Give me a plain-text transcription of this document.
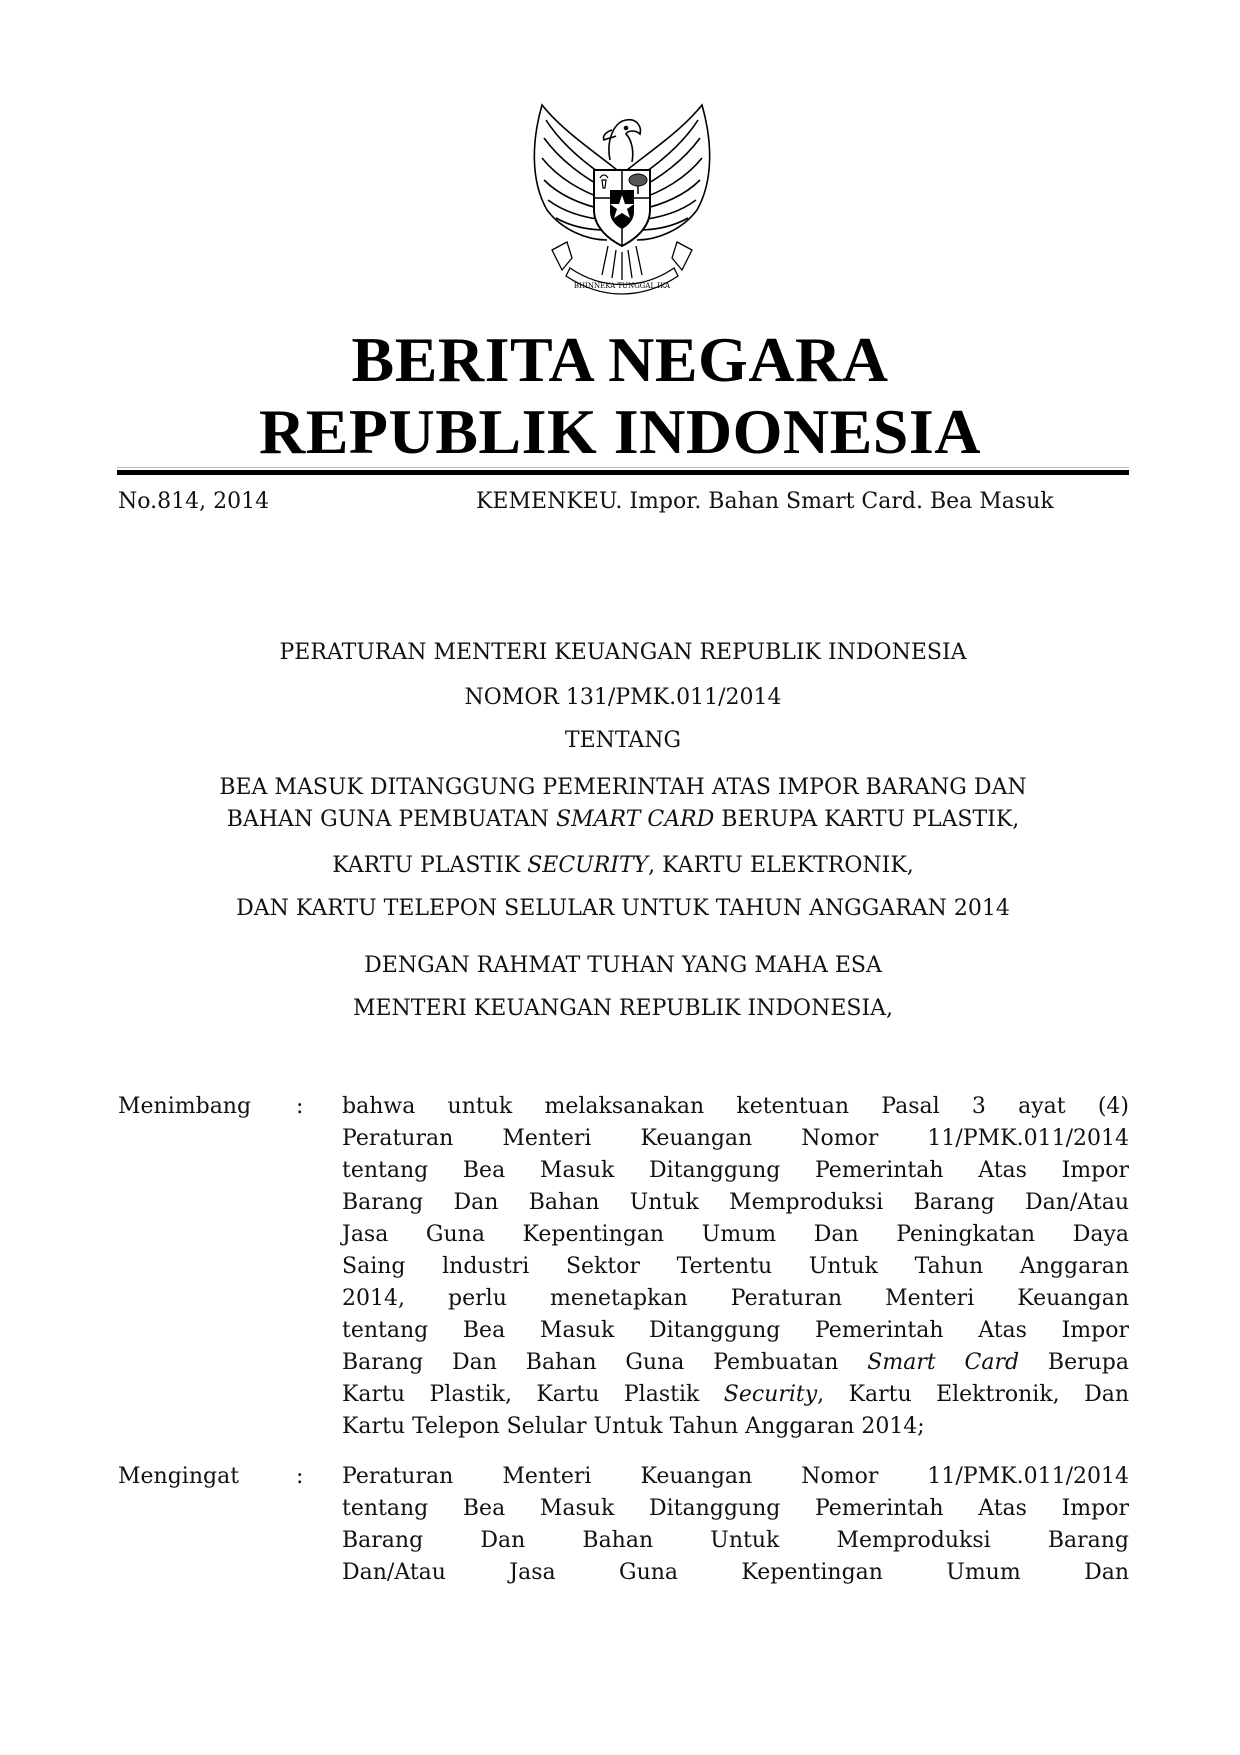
BHINNEKA TUNGGAL IKA
BERITA NEGARA
REPUBLIK INDONESIA
No.814, 2014	KEMENKEU. Impor. Bahan Smart Card. Bea Masuk
PERATURAN MENTERI KEUANGAN REPUBLIK INDONESIA
NOMOR 131/PMK.011/2014
TENTANG
BEA MASUK DITANGGUNG PEMERINTAH ATAS IMPOR BARANG DAN
BAHAN GUNA PEMBUATAN SMART CARD BERUPA KARTU PLASTIK,
KARTU PLASTIK SECURITY, KARTU ELEKTRONIK,
DAN KARTU TELEPON SELULAR UNTUK TAHUN ANGGARAN 2014
DENGAN RAHMAT TUHAN YANG MAHA ESA
MENTERI KEUANGAN REPUBLIK INDONESIA,
Menimbang : bahwa untuk melaksanakan ketentuan Pasal 3 ayat (4)
Peraturan Menteri Keuangan Nomor 11/PMK.011/2014
tentang Bea Masuk Ditanggung Pemerintah Atas Impor
Barang Dan Bahan Untuk Memproduksi Barang Dan/Atau
Jasa Guna Kepentingan Umum Dan Peningkatan Daya
Saing lndustri Sektor Tertentu Untuk Tahun Anggaran
2014, perlu menetapkan Peraturan Menteri Keuangan
tentang Bea Masuk Ditanggung Pemerintah Atas Impor
Barang Dan Bahan Guna Pembuatan Smart Card Berupa
Kartu Plastik, Kartu Plastik Security, Kartu Elektronik, Dan
Kartu Telepon Selular Untuk Tahun Anggaran 2014;
Mengingat	: Peraturan Menteri Keuangan Nomor 11/PMK.011/2014
tentang Bea Masuk Ditanggung Pemerintah Atas Impor
Barang Dan Bahan Untuk Memproduksi Barang
Dan/Atau Jasa Guna Kepentingan Umum Dan
